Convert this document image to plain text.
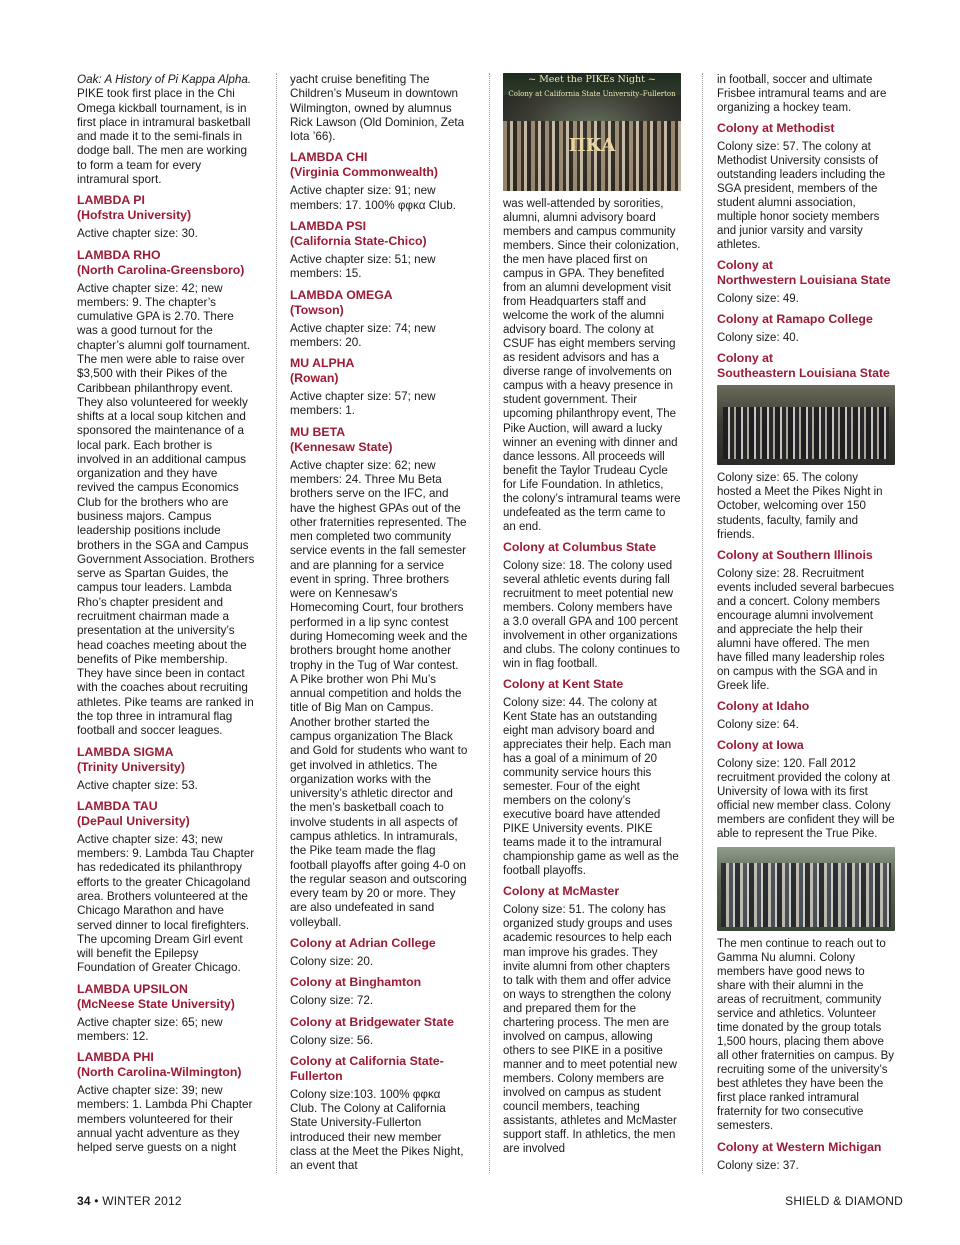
Oak: A History of Pi Kappa Alpha.
PIKE took first place in the Chi Omega kickball tournament, is in first place in intramural basketball and made it to the semi-finals in dodge ball. The men are working to form a team for every intramural sport.

LAMBDA PI
(Hofstra University)

Active chapter size: 30.

LAMBDA RHO
(North Carolina-Greensboro)

Active chapter size: 42; new members: 9. The chapter’s cumulative GPA is 2.70. There was a good turnout for the chapter’s alumni golf tournament. The men were able to raise over $3,500 with their Pikes of the Caribbean philanthropy event. They also volunteered for weekly shifts at a local soup kitchen and sponsored the maintenance of a local park. Each brother is involved in an additional campus organization and they have revived the campus Economics Club for the brothers who are business majors. Campus leadership positions include brothers in the SGA and Campus Government Association. Brothers serve as Spartan Guides, the campus tour leaders. Lambda Rho’s chapter president and recruitment chairman made a presentation at the university’s head coaches meeting about the benefits of Pike membership. They have since been in contact with the coaches about recruiting athletes. Pike teams are ranked in the top three in intramural flag football and soccer leagues.

LAMBDA SIGMA
(Trinity University)

Active chapter size: 53.

LAMBDA TAU
(DePaul University)

Active chapter size: 43; new members: 9. Lambda Tau Chapter has rededicated its philanthropy efforts to the greater Chicagoland area. Brothers volunteered at the Chicago Marathon and have served dinner to local firefighters. The upcoming Dream Girl event will benefit the Epilepsy Foundation of Greater Chicago.

LAMBDA UPSILON
(McNeese State University)

Active chapter size: 65; new members: 12.

LAMBDA PHI
(North Carolina-Wilmington)

Active chapter size: 39; new members: 1. Lambda Phi Chapter members volunteered for their annual yacht adventure as they helped serve guests on a night

yacht cruise benefiting The Children’s Museum in downtown Wilmington, owned by alumnus Rick Lawson (Old Dominion, Zeta Iota ’66).

LAMBDA CHI
(Virginia Commonwealth)

Active chapter size: 91; new members: 17. 100% φφκα Club.

LAMBDA PSI
(California State-Chico)

Active chapter size: 51; new members: 15.

LAMBDA OMEGA
(Towson)

Active chapter size: 74; new members: 20.

MU ALPHA
(Rowan)

Active chapter size: 57; new members: 1.

MU BETA
(Kennesaw State)

Active chapter size: 62; new members: 24. Three Mu Beta brothers serve on the IFC, and have the highest GPAs out of the other fraternities represented. The men completed two community service events in the fall semester and are planning for a service event in spring. Three brothers were on Kennesaw’s Homecoming Court, four brothers performed in a lip sync contest during Homecoming week and the brothers brought home another trophy in the Tug of War contest. A Pike brother won Phi Mu’s annual competition and holds the title of Big Man on Campus. Another brother started the campus organization The Black and Gold for students who want to get involved in athletics. The organization works with the university’s athletic director and the men’s basketball coach to involve students in all aspects of campus athletics. In intramurals, the Pike team made the flag football playoffs after going 4-0 on the regular season and outscoring every team by 20 or more. They are also undefeated in sand volleyball.

Colony at Adrian College

Colony size: 20.

Colony at Binghamton

Colony size: 72.

Colony at Bridgewater State

Colony size: 56.

Colony at California State-
Fullerton

Colony size:103. 100% φφκα Club. The Colony at California State University-Fullerton introduced their new member class at the Meet the Pikes Night, an event that

~ Meet the PIKEs Night ~
Colony at California State University–Fullerton
ΠΚΑ

was well-attended by sororities, alumni, alumni advisory board members and campus community members. Since their colonization, the men have placed first on campus in GPA. They benefited from an alumni development visit from Headquarters staff and welcome the work of the alumni advisory board. The colony at CSUF has eight members serving as resident advisors and has a diverse range of involvements on campus with a heavy presence in student government. Their upcoming philanthropy event, The Pike Auction, will award a lucky winner an evening with dinner and dance lessons. All proceeds will benefit the Taylor Trudeau Cycle for Life Foundation. In athletics, the colony’s intramural teams were undefeated as the term came to an end.

Colony at Columbus State

Colony size: 18. The colony used several athletic events during fall recruitment to meet potential new members. Colony members have a 3.0 overall GPA and 100 percent involvement in other organizations and clubs. The colony continues to win in flag football.

Colony at Kent State

Colony size: 44. The colony at Kent State has an outstanding eight man advisory board and appreciates their help. Each man has a goal of a minimum of 20 community service hours this semester. Four of the eight members on the colony’s executive board have attended PIKE University events. PIKE teams made it to the intramural championship game as well as the football playoffs.

Colony at McMaster

Colony size: 51. The colony has organized study groups and uses academic resources to help each man improve his grades. They invite alumni from other chapters to talk with them and offer advice on ways to strengthen the colony and prepared them for the chartering process. The men are involved on campus, allowing others to see PIKE in a positive manner and to meet potential new members. Colony members are involved on campus as student council members, teaching assistants, athletes and McMaster support staff. In athletics, the men are involved

in football, soccer and ultimate Frisbee intramural teams and are organizing a hockey team.

Colony at Methodist

Colony size: 57. The colony at Methodist University consists of outstanding leaders including the SGA president, members of the student alumni association, multiple honor society members and junior varsity and varsity athletes.

Colony at
Northwestern Louisiana State

Colony size: 49.

Colony at Ramapo College

Colony size: 40.

Colony at
Southeastern Louisiana State

Colony size: 65. The colony hosted a Meet the Pikes Night in October, welcoming over 150 students, faculty, family and friends.

Colony at Southern Illinois

Colony size: 28. Recruitment events included several barbecues and a concert. Colony members encourage alumni involvement and appreciate the help their alumni have offered. The men have filled many leadership roles on campus with the SGA and in Greek life.

Colony at Idaho

Colony size: 64.

Colony at Iowa

Colony size: 120. Fall 2012 recruitment provided the colony at University of Iowa with its first official new member class. Colony members are confident they will be able to represent the True Pike.

The men continue to reach out to Gamma Nu alumni. Colony members have good news to share with their alumni in the areas of recruitment, community service and athletics. Volunteer time donated by the group totals 1,500 hours, placing them above all other fraternities on campus. By recruiting some of the university’s best athletes they have been the first place ranked intramural fraternity for two consecutive semesters.

Colony at Western Michigan

Colony size: 37.

34 • WINTER 2012	SHIELD & DIAMOND
